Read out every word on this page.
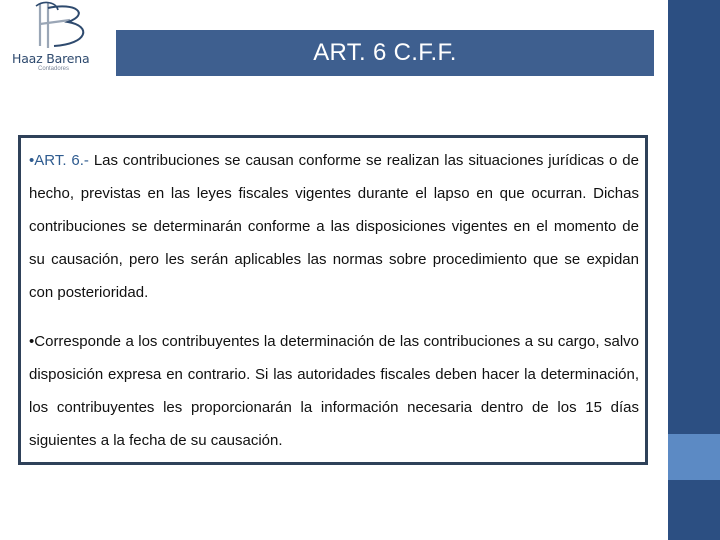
Haaz Barena
Contadores
ART. 6 C.F.F.

•ART. 6.- Las contribuciones se causan conforme se realizan las situaciones jurídicas o de hecho, previstas en las leyes fiscales vigentes durante el lapso en que ocurran. Dichas contribuciones se determinarán conforme a las disposiciones vigentes en el momento de su causación, pero les serán aplicables las normas sobre procedimiento que se expidan con posterioridad.

•Corresponde a los contribuyentes la determinación de las contribuciones a su cargo, salvo disposición expresa en contrario. Si las autoridades fiscales deben hacer la determinación, los contribuyentes les proporcionarán la información necesaria dentro de los 15 días siguientes a la fecha de su causación.
